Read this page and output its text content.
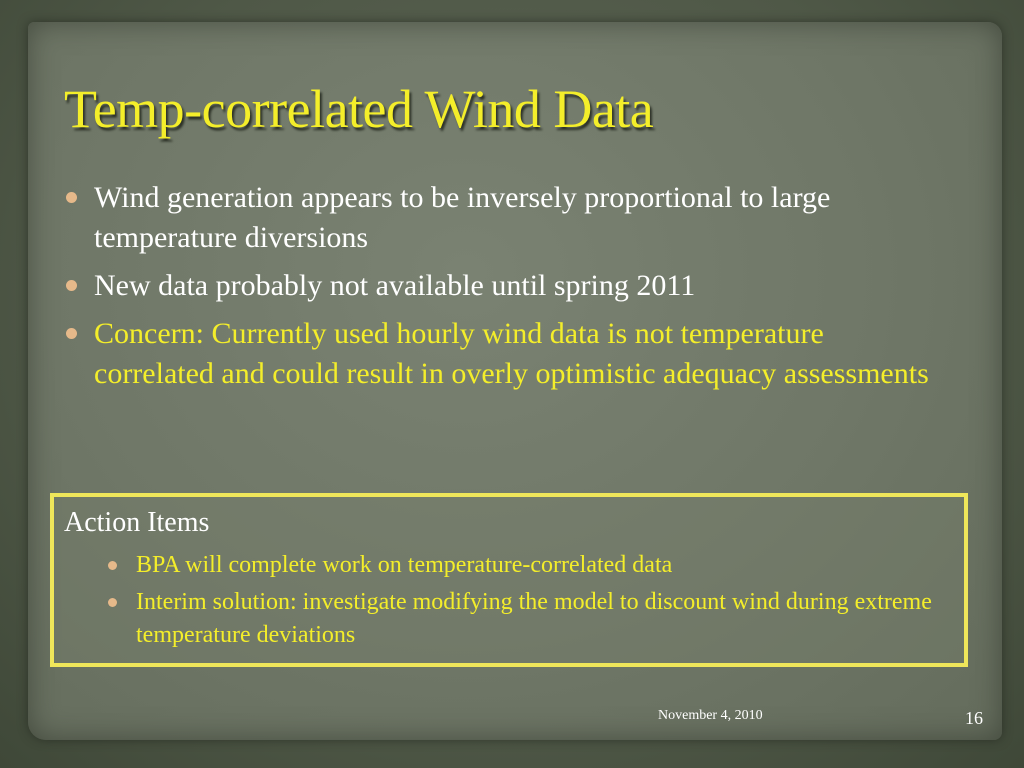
Temp-correlated Wind Data
Wind generation appears to be inversely proportional to large temperature diversions
New data probably not available until spring 2011
Concern: Currently used hourly wind data is not temperature correlated and could result in overly optimistic adequacy assessments
Action Items
BPA will complete work on temperature-correlated data
Interim solution: investigate modifying the model to discount wind during extreme temperature deviations
November 4, 2010	16
